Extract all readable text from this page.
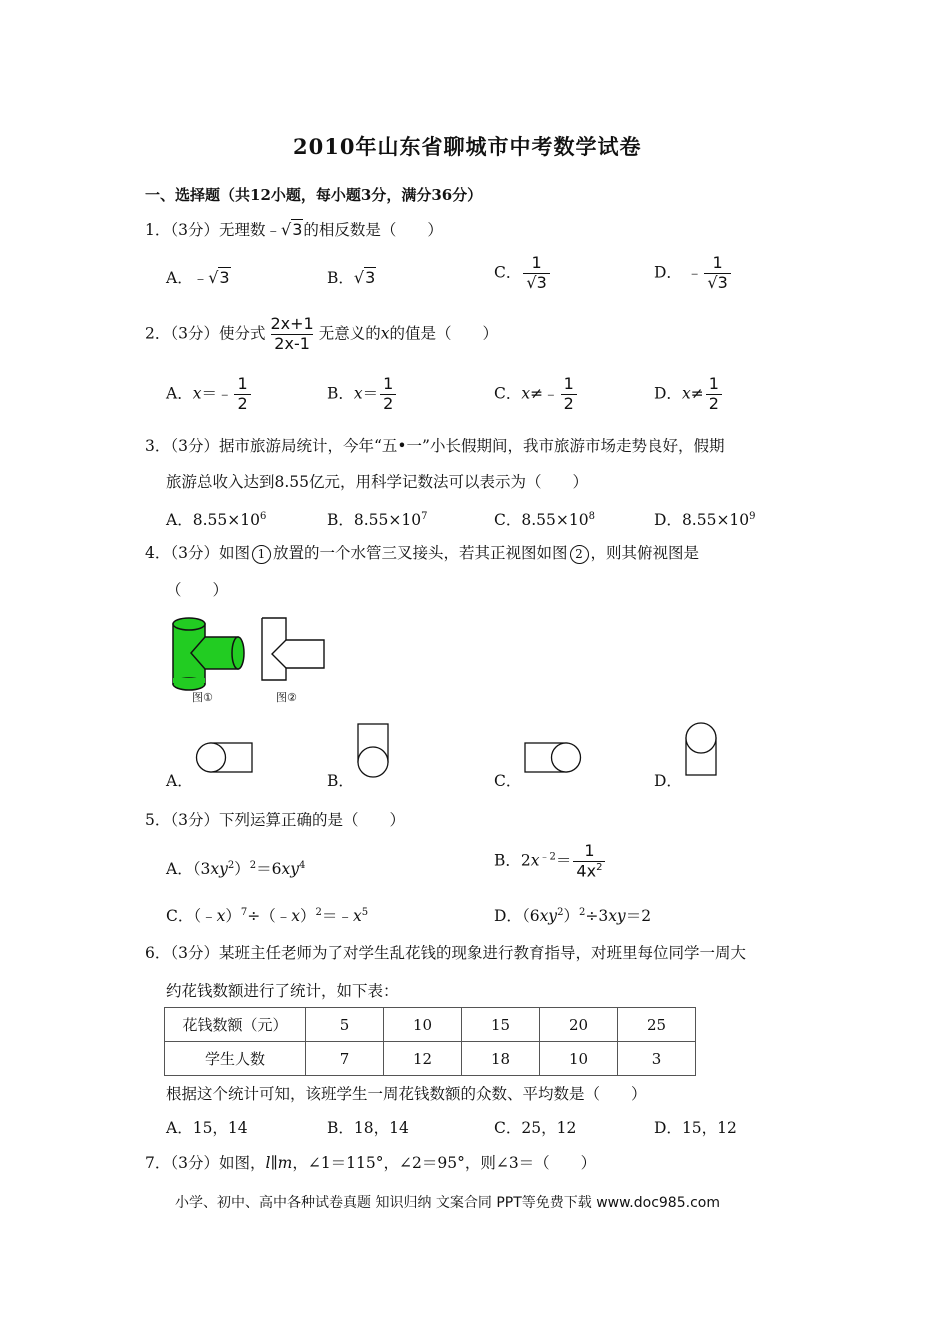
2010年山东省聊城市中考数学试卷
一、选择题（共12小题，每小题3分，满分36分）
1．（3分）无理数﹣√3的相反数是（　　）
A．﹣√3	B．√3	C． $\frac{1}{√3}$	D． ﹣ $\frac{1}{√3}$
2．（3分）使分式 $\frac{2x+1}{2x-1}$ 无意义的x的值是（　　）
A．x＝﹣ $\frac{1}{2}$	B．$x= \frac{1}{2}$	C．x≠﹣ $\frac{1}{2}$	D．$x\ne \frac{1}{2}$
3．（3分）据市旅游局统计，今年“五•一”小长假期间，我市旅游市场走势良好，假期
旅游总收入达到8.55亿元，用科学记数法可以表示为（　　）
A．$8.55\times 10^6$	B．$8.55\times 10^7$	C．$8.55\times 10^8$	D．$8.55\times 10^9$
4．（3分）如图 1 放置的一个水管三叉接头，若其正视图如图 2 ，则其俯视图是
（　　）
图①	图②
A．	B．	C．	D．
5．（3分）下列运算正确的是（　　）
A．$(3xy^2)^2=6xy^4$	B．$2x^{﹣2}= \frac{1}{4x^2}$
C．$(﹣x)^7\div(﹣x)^2=﹣x^5$	D．$(6xy^2)^2\div 3xy=2$
6．（3分）某班主任老师为了对学生乱花钱的现象进行教育指导，对班里每位同学一周大
约花钱数额进行了统计，如下表：
花钱数额（元）	5	10	15	20	25
学生人数	7	12	18	10	3
根据这个统计可知，该班学生一周花钱数额的众数、平均数是（　　）
A．15，14	B．18，14	C．25，12	D．15，12
7．（3分）如图，l∥m，∠1＝115°，∠2＝95°，则∠3＝（　　）
小学、初中、高中各种试卷真题 知识归纳 文案合同 PPT等免费下载 www.doc985.com
